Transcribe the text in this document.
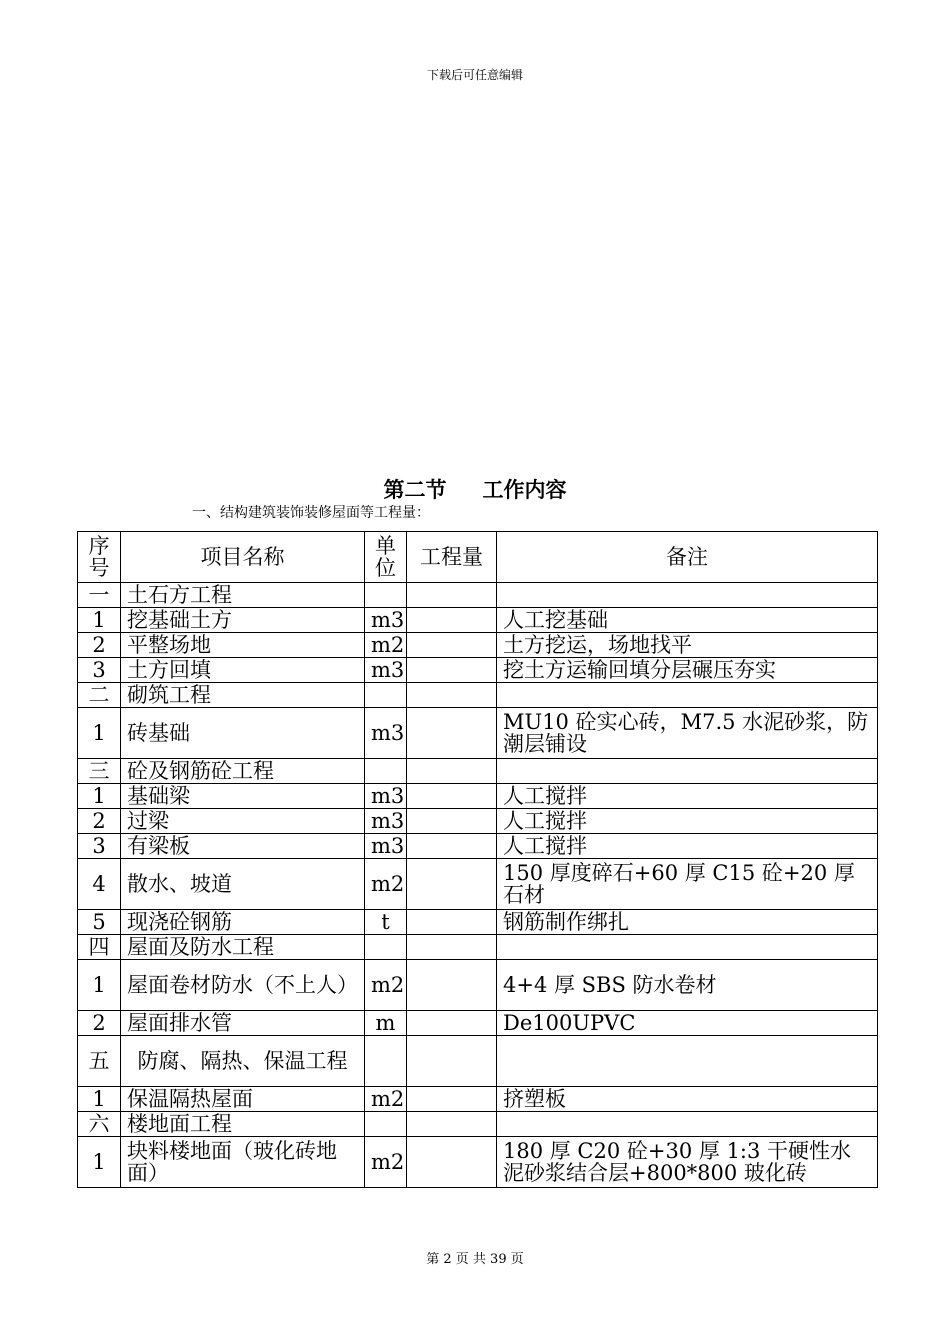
下载后可任意编辑
第二节 工作内容
一、结构建筑装饰装修屋面等工程量：
序号	项目名称	单位	工程量	备注
一	土石方工程			
1	挖基础土方	m3		人工挖基础
2	平整场地	m2		土方挖运，场地找平
3	土方回填	m3		挖土方运输回填分层碾压夯实
二	砌筑工程			
1	砖基础	m3		MU10 砼实心砖，M7.5 水泥砂浆，防潮层铺设
三	砼及钢筋砼工程			
1	基础梁	m3		人工搅拌
2	过梁	m3		人工搅拌
3	有梁板	m3		人工搅拌
4	散水、坡道	m2		150 厚度碎石+60 厚 C15 砼+20 厚石材
5	现浇砼钢筋	t		钢筋制作绑扎
四	屋面及防水工程			
1	屋面卷材防水（不上人）	m2		4+4 厚 SBS 防水卷材
2	屋面排水管	m		De100UPVC
五	防腐、隔热、保温工程			
1	保温隔热屋面	m2		挤塑板
六	楼地面工程			
1	块料楼地面（玻化砖地面）	m2		180 厚 C20 砼+30 厚 1:3 干硬性水泥砂浆结合层+800*800 玻化砖
第 2 页 共 39 页
